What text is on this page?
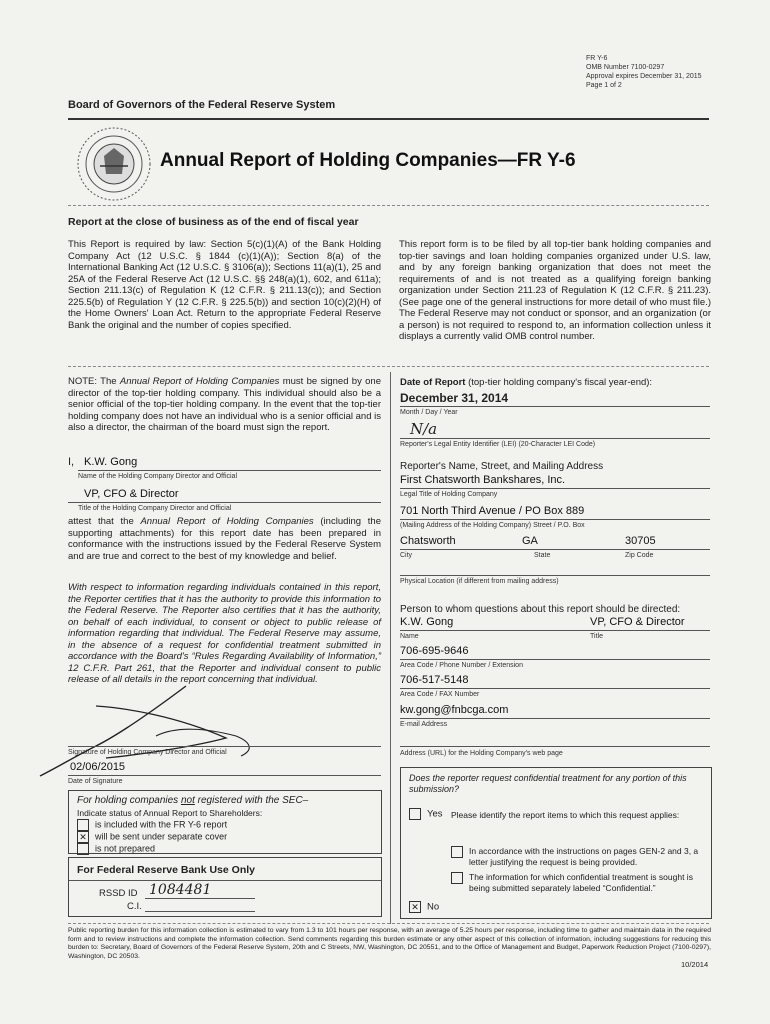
FR Y-6
OMB Number 7100-0297
Approval expires December 31, 2015
Page 1 of 2
Board of Governors of the Federal Reserve System
Annual Report of Holding Companies—FR Y-6
Report at the close of business as of the end of fiscal year
This Report is required by law: Section 5(c)(1)(A) of the Bank Holding Company Act (12 U.S.C. § 1844 (c)(1)(A)); Section 8(a) of the International Banking Act (12 U.S.C. § 3106(a)); Sections 11(a)(1), 25 and 25A of the Federal Reserve Act (12 U.S.C. §§ 248(a)(1), 602, and 611a); Section 211.13(c) of Regulation K (12 C.F.R. § 211.13(c)); and Section 225.5(b) of Regulation Y (12 C.F.R. § 225.5(b)) and section 10(c)(2)(H) of the Home Owners' Loan Act. Return to the appropriate Federal Reserve Bank the original and the number of copies specified.
This report form is to be filed by all top-tier bank holding companies and top-tier savings and loan holding companies organized under U.S. law, and by any foreign banking organization that does not meet the requirements of and is not treated as a qualifying foreign banking organization under Section 211.23 of Regulation K (12 C.F.R. § 211.23). (See page one of the general instructions for more detail of who must file.) The Federal Reserve may not conduct or sponsor, and an organization (or a person) is not required to respond to, an information collection unless it displays a currently valid OMB control number.
NOTE: The Annual Report of Holding Companies must be signed by one director of the top-tier holding company. This individual should also be a senior official of the top-tier holding company. In the event that the top-tier holding company does not have an individual who is a senior official and is also a director, the chairman of the board must sign the report.
I, K.W. Gong
Name of the Holding Company Director and Official
VP, CFO & Director
Title of the Holding Company Director and Official
attest that the Annual Report of Holding Companies (including the supporting attachments) for this report date has been prepared in conformance with the instructions issued by the Federal Reserve System and are true and correct to the best of my knowledge and belief.
With respect to information regarding individuals contained in this report, the Reporter certifies that it has the authority to provide this information to the Federal Reserve. The Reporter also certifies that it has the authority, on behalf of each individual, to consent or object to public release of information regarding that individual. The Federal Reserve may assume, in the absence of a request for confidential treatment submitted in accordance with the Board's “Rules Regarding Availability of Information,” 12 C.F.R. Part 261, that the Reporter and individual consent to public release of all details in the report concerning that individual.
Signature of Holding Company Director and Official
02/06/2015
Date of Signature
For holding companies not registered with the SEC–
Indicate status of Annual Report to Shareholders:
is included with the FR Y-6 report
✕ will be sent under separate cover
is not prepared
For Federal Reserve Bank Use Only
RSSD ID 1084481
C.I.
Date of Report (top-tier holding company's fiscal year-end):
December 31, 2014
Month / Day / Year
N/a
Reporter's Legal Entity Identifier (LEI) (20-Character LEI Code)
Reporter's Name, Street, and Mailing Address
First Chatsworth Bankshares, Inc.
Legal Title of Holding Company
701 North Third Avenue / PO Box 889
(Mailing Address of the Holding Company) Street / P.O. Box
Chatsworth	GA	30705
City	State	Zip Code
Physical Location (if different from mailing address)
Person to whom questions about this report should be directed:
K.W. Gong	VP, CFO & Director
Name	Title
706-695-9646
Area Code / Phone Number / Extension
706-517-5148
Area Code / FAX Number
kw.gong@fnbcga.com
E-mail Address
Address (URL) for the Holding Company's web page
Does the reporter request confidential treatment for any portion of this submission?
Yes Please identify the report items to which this request applies:
In accordance with the instructions on pages GEN-2 and 3, a letter justifying the request is being provided.
The information for which confidential treatment is sought is being submitted separately labeled “Confidential.”
✕ No
Public reporting burden for this information collection is estimated to vary from 1.3 to 101 hours per response, with an average of 5.25 hours per response, including time to gather and maintain data in the required form and to review instructions and complete the information collection. Send comments regarding this burden estimate or any other aspect of this collection of information, including suggestions for reducing this burden to: Secretary, Board of Governors of the Federal Reserve System, 20th and C Streets, NW, Washington, DC 20551, and to the Office of Management and Budget, Paperwork Reduction Project (7100-0297), Washington, DC 20503.
10/2014
